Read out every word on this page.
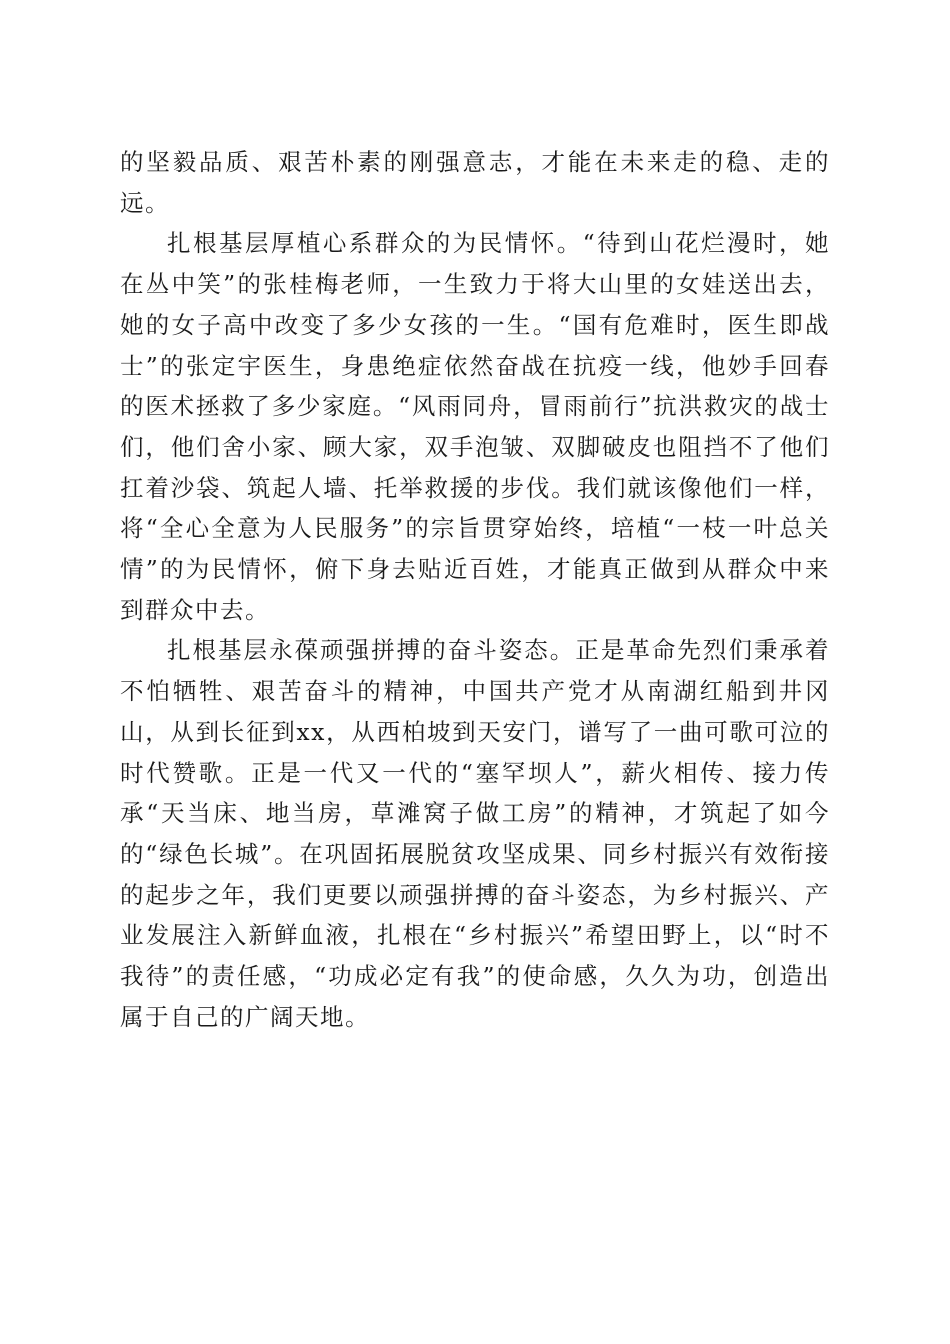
的坚毅品质、艰苦朴素的刚强意志，才能在未来走的稳、走的远。

扎根基层厚植心系群众的为民情怀。“待到山花烂漫时，她在丛中笑”的张桂梅老师，一生致力于将大山里的女娃送出去，她的女子高中改变了多少女孩的一生。“国有危难时，医生即战士”的张定宇医生，身患绝症依然奋战在抗疫一线，他妙手回春的医术拯救了多少家庭。“风雨同舟，冒雨前行”抗洪救灾的战士们，他们舍小家、顾大家，双手泡皱、双脚破皮也阻挡不了他们扛着沙袋、筑起人墙、托举救援的步伐。我们就该像他们一样，将“全心全意为人民服务”的宗旨贯穿始终，培植“一枝一叶总关情”的为民情怀，俯下身去贴近百姓，才能真正做到从群众中来到群众中去。

扎根基层永葆顽强拼搏的奋斗姿态。正是革命先烈们秉承着不怕牺牲、艰苦奋斗的精神，中国共产党才从南湖红船到井冈山，从到长征到xx，从西柏坡到天安门，谱写了一曲可歌可泣的时代赞歌。正是一代又一代的“塞罕坝人”，薪火相传、接力传承“天当床、地当房，草滩窝子做工房”的精神，才筑起了如今的“绿色长城”。在巩固拓展脱贫攻坚成果、同乡村振兴有效衔接的起步之年，我们更要以顽强拼搏的奋斗姿态，为乡村振兴、产业发展注入新鲜血液，扎根在“乡村振兴”希望田野上，以“时不我待”的责任感，“功成必定有我”的使命感，久久为功，创造出属于自己的广阔天地。
